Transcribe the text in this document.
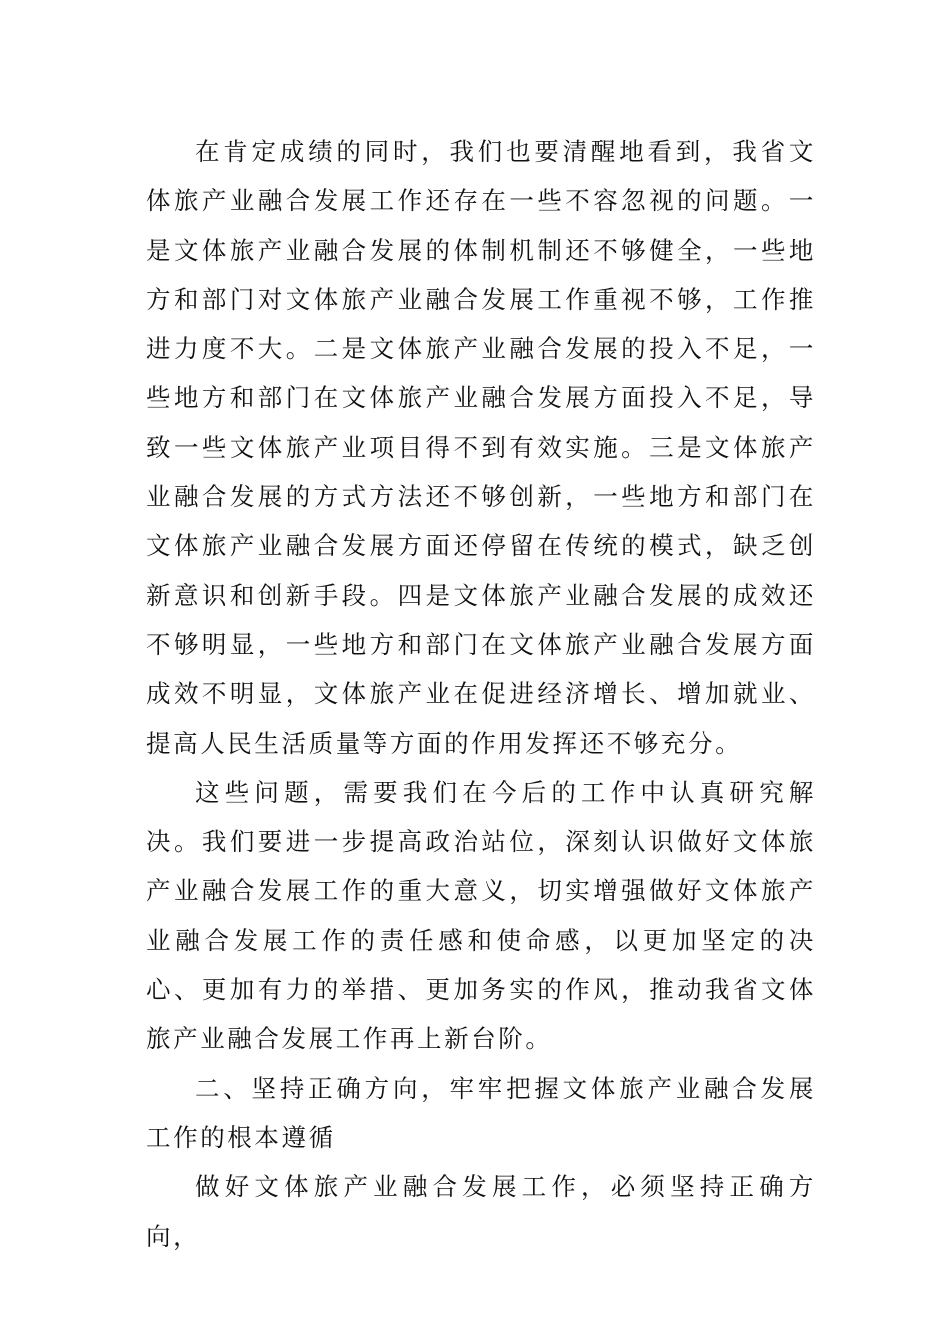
在肯定成绩的同时，我们也要清醒地看到，我省文体旅产业融合发展工作还存在一些不容忽视的问题。一是文体旅产业融合发展的体制机制还不够健全，一些地方和部门对文体旅产业融合发展工作重视不够，工作推进力度不大。二是文体旅产业融合发展的投入不足，一些地方和部门在文体旅产业融合发展方面投入不足，导致一些文体旅产业项目得不到有效实施。三是文体旅产业融合发展的方式方法还不够创新，一些地方和部门在文体旅产业融合发展方面还停留在传统的模式，缺乏创新意识和创新手段。四是文体旅产业融合发展的成效还不够明显，一些地方和部门在文体旅产业融合发展方面成效不明显，文体旅产业在促进经济增长、增加就业、提高人民生活质量等方面的作用发挥还不够充分。

这些问题，需要我们在今后的工作中认真研究解决。我们要进一步提高政治站位，深刻认识做好文体旅产业融合发展工作的重大意义，切实增强做好文体旅产业融合发展工作的责任感和使命感，以更加坚定的决心、更加有力的举措、更加务实的作风，推动我省文体旅产业融合发展工作再上新台阶。

二、坚持正确方向，牢牢把握文体旅产业融合发展工作的根本遵循

做好文体旅产业融合发展工作，必须坚持正确方向，
